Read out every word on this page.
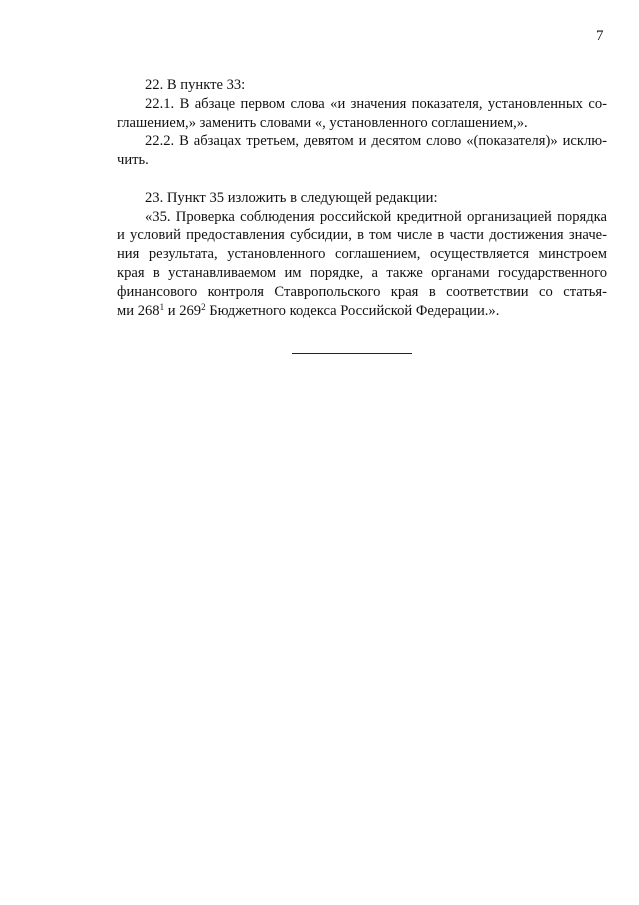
7

22. В пункте 33:

22.1. В абзаце первом слова «и значения показателя, установленных со-
глашением,» заменить словами «, установленного соглашением,».
22.2. В абзацах третьем, девятом и десятом слово «(показателя)» исклю-
чить.

23. Пункт 35 изложить в следующей редакции:

«35. Проверка соблюдения российской кредитной организацией порядка
и условий предоставления субсидии, в том числе в части достижения значе-
ния результата, установленного соглашением, осуществляется минстроем
края в устанавливаемом им порядке, а также органами государственного
финансового контроля Ставропольского края в соответствии со статья-
ми $268^1$ и $269^2$ Бюджетного кодекса Российской Федерации.».
